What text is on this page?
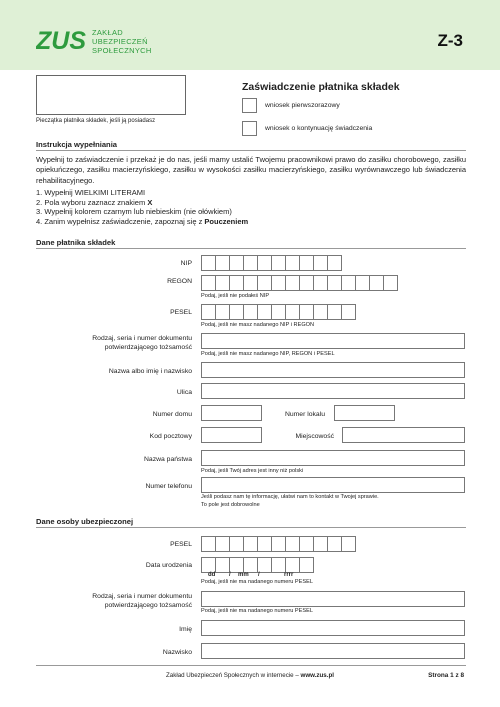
ZUS ZAKŁAD
UBEZPIECZEŃ
SPOŁECZNYCH
Z-3
Pieczątka płatnika składek, jeśli ją posiadasz
Zaświadczenie płatnika składek
wniosek pierwszorazowy
wniosek o kontynuację świadczenia
Instrukcja wypełniania
Wypełnij to zaświadczenie i przekaż je do nas, jeśli mamy ustalić Twojemu pracownikowi prawo do zasiłku chorobowego, zasiłku opiekuńczego, zasiłku macierzyńskiego, zasiłku w wysokości zasiłku macierzyńskiego, zasiłku wyrównawczego lub świadczenia rehabilitacyjnego.
1. Wypełnij WIELKIMI LITERAMI
2. Pola wyboru zaznacz znakiem X
3. Wypełnij kolorem czarnym lub niebieskim (nie ołówkiem)
4. Zanim wypełnisz zaświadczenie, zapoznaj się z Pouczeniem
Dane płatnika składek
NIP
REGON
Podaj, jeśli nie podałeś NIP
PESEL
Podaj, jeśli nie masz nadanego NIP i REGON
Rodzaj, seria i numer dokumentu
potwierdzającego tożsamość
Podaj, jeśli nie masz nadanego NIP, REGON i PESEL
Nazwa albo imię i nazwisko
Ulica
Numer domu	Numer lokalu
Kod pocztowy	Miejscowość
Nazwa państwa
Podaj, jeśli Twój adres jest inny niż polski
Numer telefonu
Jeśli podasz nam tę informację, ułatwi nam to kontakt w Twojej sprawie.
To pole jest dobrowolne
Dane osoby ubezpieczonej
PESEL
Data urodzenia
dd / mm /	rrrr
Podaj, jeśli nie ma nadanego numeru PESEL
Rodzaj, seria i numer dokumentu
potwierdzającego tożsamość
Podaj, jeśli nie ma nadanego numeru PESEL
Imię
Nazwisko
Zakład Ubezpieczeń Społecznych w internecie – www.zus.pl	Strona 1 z 8
